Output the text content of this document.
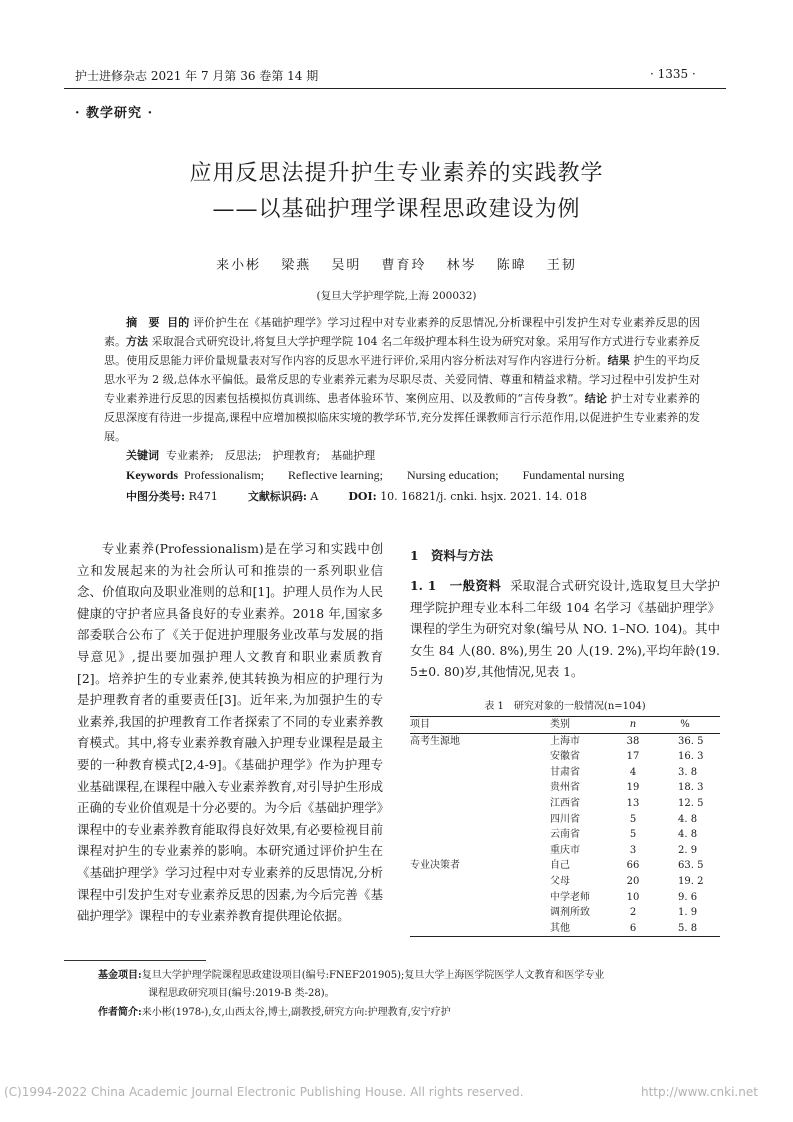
护士进修杂志 2021 年 7 月第 36 卷第 14 期	· 1335 ·
· 教学研究 ·
应用反思法提升护生专业素养的实践教学
——以基础护理学课程思政建设为例
来小彬 梁燕 吴明 曹育玲 林岑 陈暐 王韧
(复旦大学护理学院,上海 200032)
摘　要 目的 评价护生在《基础护理学》学习过程中对专业素养的反思情况,分析课程中引发护生对专业素养反思的因素。方法 采取混合式研究设计,将复旦大学护理学院 104 名二年级护理本科生设为研究对象。采用写作方式进行专业素养反思。使用反思能力评价量规量表对写作内容的反思水平进行评价,采用内容分析法对写作内容进行分析。结果 护生的平均反思水平为 2 级,总体水平偏低。最常反思的专业素养元素为尽职尽责、关爱同情、尊重和精益求精。学习过程中引发护生对专业素养进行反思的因素包括模拟仿真训练、患者体验环节、案例应用、以及教师的“言传身教”。结论 护士对专业素养的反思深度有待进一步提高,课程中应增加模拟临床实境的教学环节,充分发挥任课教师言行示范作用,以促进护生专业素养的发展。
关键词 专业素养;　反思法;　护理教育;　基础护理
Keywords Professionalism;　　Reflective learning;　　Nursing education;　　Fundamental nursing
中图分类号: R471	文献标识码: A	DOI: 10. 16821/j. cnki. hsjx. 2021. 14. 018

专业素养(Professionalism)是在学习和实践中创立和发展起来的为社会所认可和推崇的一系列职业信念、价值取向及职业准则的总和[1]。护理人员作为人民健康的守护者应具备良好的专业素养。2018 年,国家多部委联合公布了《关于促进护理服务业改革与发展的指导意见》,提出要加强护理人文教育和职业素质教育[2]。培养护生的专业素养,使其转换为相应的护理行为是护理教育者的重要责任[3]。近年来,为加强护生的专业素养,我国的护理教育工作者探索了不同的专业素养教育模式。其中,将专业素养教育融入护理专业课程是最主要的一种教育模式[2,4-9]。《基础护理学》作为护理专业基础课程,在课程中融入专业素养教育,对引导护生形成正确的专业价值观是十分必要的。为今后《基础护理学》课程中的专业素养教育能取得良好效果,有必要检视目前课程对护生的专业素养的影响。本研究通过评价护生在《基础护理学》学习过程中对专业素养的反思情况,分析课程中引发护生对专业素养反思的因素,为今后完善《基础护理学》课程中的专业素养教育提供理论依据。

1　资料与方法

1. 1　一般资料 采取混合式研究设计,选取复旦大学护理学院护理专业本科二年级 104 名学习《基础护理学》课程的学生为研究对象(编号从 NO. 1–NO. 104)。其中女生 84 人(80. 8%),男生 20 人(19. 2%),平均年龄(19. 5±0. 80)岁,其他情况,见表 1。

表 1　研究对象的一般情况(n=104)
项目	类别	n	%
高考生源地	上海市	38	36. 5
	安徽省	17	16. 3
	甘肃省	4	3. 8
	贵州省	19	18. 3
	江西省	13	12. 5
	四川省	5	4. 8
	云南省	5	4. 8
	重庆市	3	2. 9
专业决策者	自己	66	63. 5
	父母	20	19. 2
	中学老师	10	9. 6
	调剂所致	2	1. 9
	其他	6	5. 8
基金项目:复旦大学护理学院课程思政建设项目(编号:FNEF201905);复旦大学上海医学院医学人文教育和医学专业
课程思政研究项目(编号:2019-B 类-28)。
作者简介:来小彬(1978-),女,山西太谷,博士,副教授,研究方向:护理教育,安宁疗护
(C)1994-2022 China Academic Journal Electronic Publishing House. All rights reserved.	http://www.cnki.net
